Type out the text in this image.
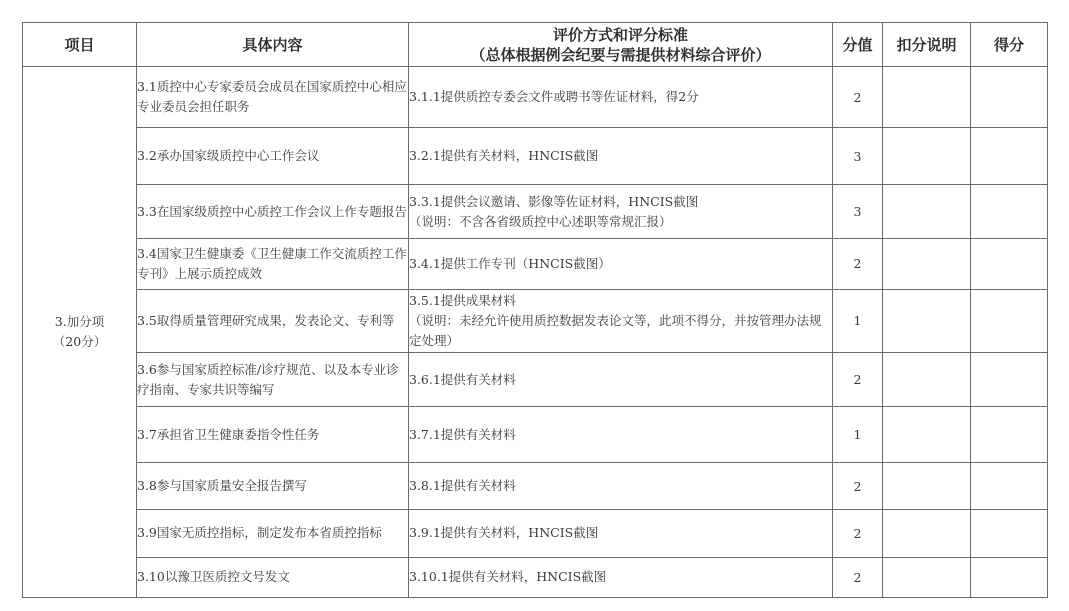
项目	具体内容	评价方式和评分标准
（总体根据例会纪要与需提供材料综合评价）	分值	扣分说明	得分

3.加分项
（20分）	3.1质控中心专家委员会成员在国家质控中心相应专业委员会担任职务	3.1.1提供质控专委会文件或聘书等佐证材料，得2分	2		
	3.2承办国家级质控中心工作会议	3.2.1提供有关材料，HNCIS截图	3		
	3.3在国家级质控中心质控工作会议上作专题报告	3.3.1提供会议邀请、影像等佐证材料，HNCIS截图
（说明：不含各省级质控中心述职等常规汇报）	3		
	3.4国家卫生健康委《卫生健康工作交流质控工作专刊》上展示质控成效	3.4.1提供工作专刊（HNCIS截图）	2		
	3.5取得质量管理研究成果，发表论文、专利等	3.5.1提供成果材料
（说明：未经允许使用质控数据发表论文等，此项不得分，并按管理办法规定处理）	1		
	3.6参与国家质控标准/诊疗规范、以及本专业诊疗指南、专家共识等编写	3.6.1提供有关材料	2		
	3.7承担省卫生健康委指令性任务	3.7.1提供有关材料	1		
	3.8参与国家质量安全报告撰写	3.8.1提供有关材料	2		
	3.9国家无质控指标，制定发布本省质控指标	3.9.1提供有关材料，HNCIS截图	2		
	3.10以豫卫医质控文号发文	3.10.1提供有关材料，HNCIS截图	2		
